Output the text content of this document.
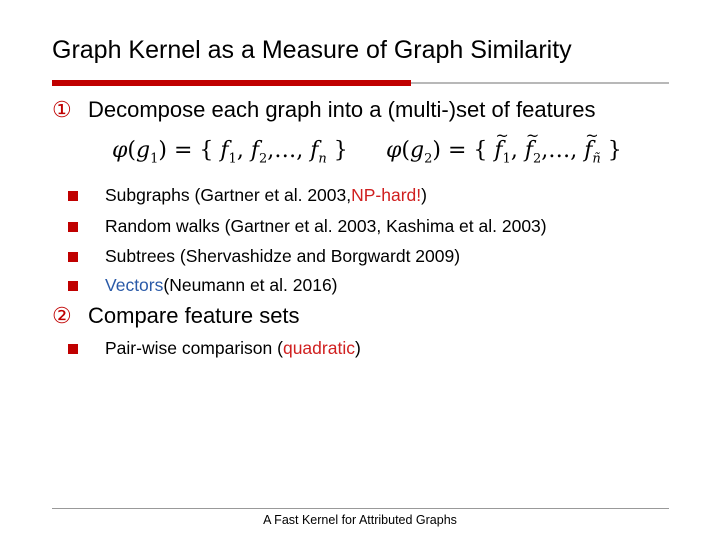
Graph Kernel as a Measure of Graph Similarity
① Decompose each graph into a (multi-)set of features
$\varphi(g_1)$ = { $f_1$, $f_2,\dots$, $f_n$ } $\varphi(g_2)$ = { ~ $f_1$, ~ $f_2,\dots$, ~ $f_ñ$ }
Subgraphs (Gartner et al. 2003, NP-hard! )
Random walks (Gartner et al. 2003, Kashima et al. 2003)
Subtrees (Shervashidze and Borgwardt 2009)
Vectors (Neumann et al. 2016)
② Compare feature sets
Pair-wise comparison ( quadratic )
A Fast Kernel for Attributed Graphs
